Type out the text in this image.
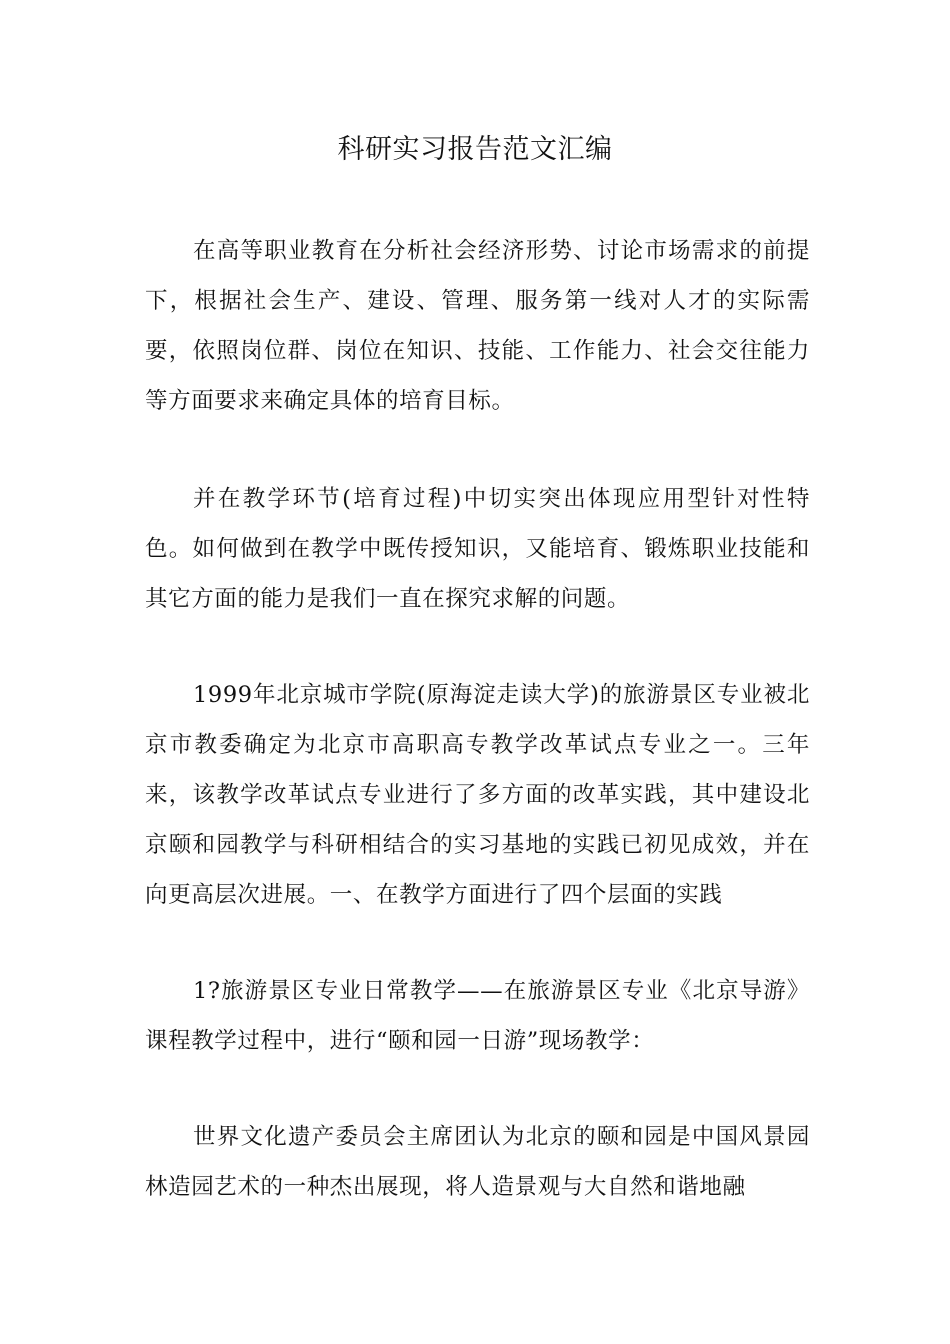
科研实习报告范文汇编

在高等职业教育在分析社会经济形势、讨论市场需求的前提下，根据社会生产、建设、管理、服务第一线对人才的实际需要，依照岗位群、岗位在知识、技能、工作能力、社会交往能力等方面要求来确定具体的培育目标。

并在教学环节(培育过程)中切实突出体现应用型针对性特色。如何做到在教学中既传授知识，又能培育、锻炼职业技能和其它方面的能力是我们一直在探究求解的问题。

1999年北京城市学院(原海淀走读大学)的旅游景区专业被北京市教委确定为北京市高职高专教学改革试点专业之一。三年来，该教学改革试点专业进行了多方面的改革实践，其中建设北京颐和园教学与科研相结合的实习基地的实践已初见成效，并在向更高层次进展。一、在教学方面进行了四个层面的实践

1?旅游景区专业日常教学——在旅游景区专业《北京导游》课程教学过程中，进行“颐和园一日游”现场教学：

世界文化遗产委员会主席团认为北京的颐和园是中国风景园林造园艺术的一种杰出展现，将人造景观与大自然和谐地融
